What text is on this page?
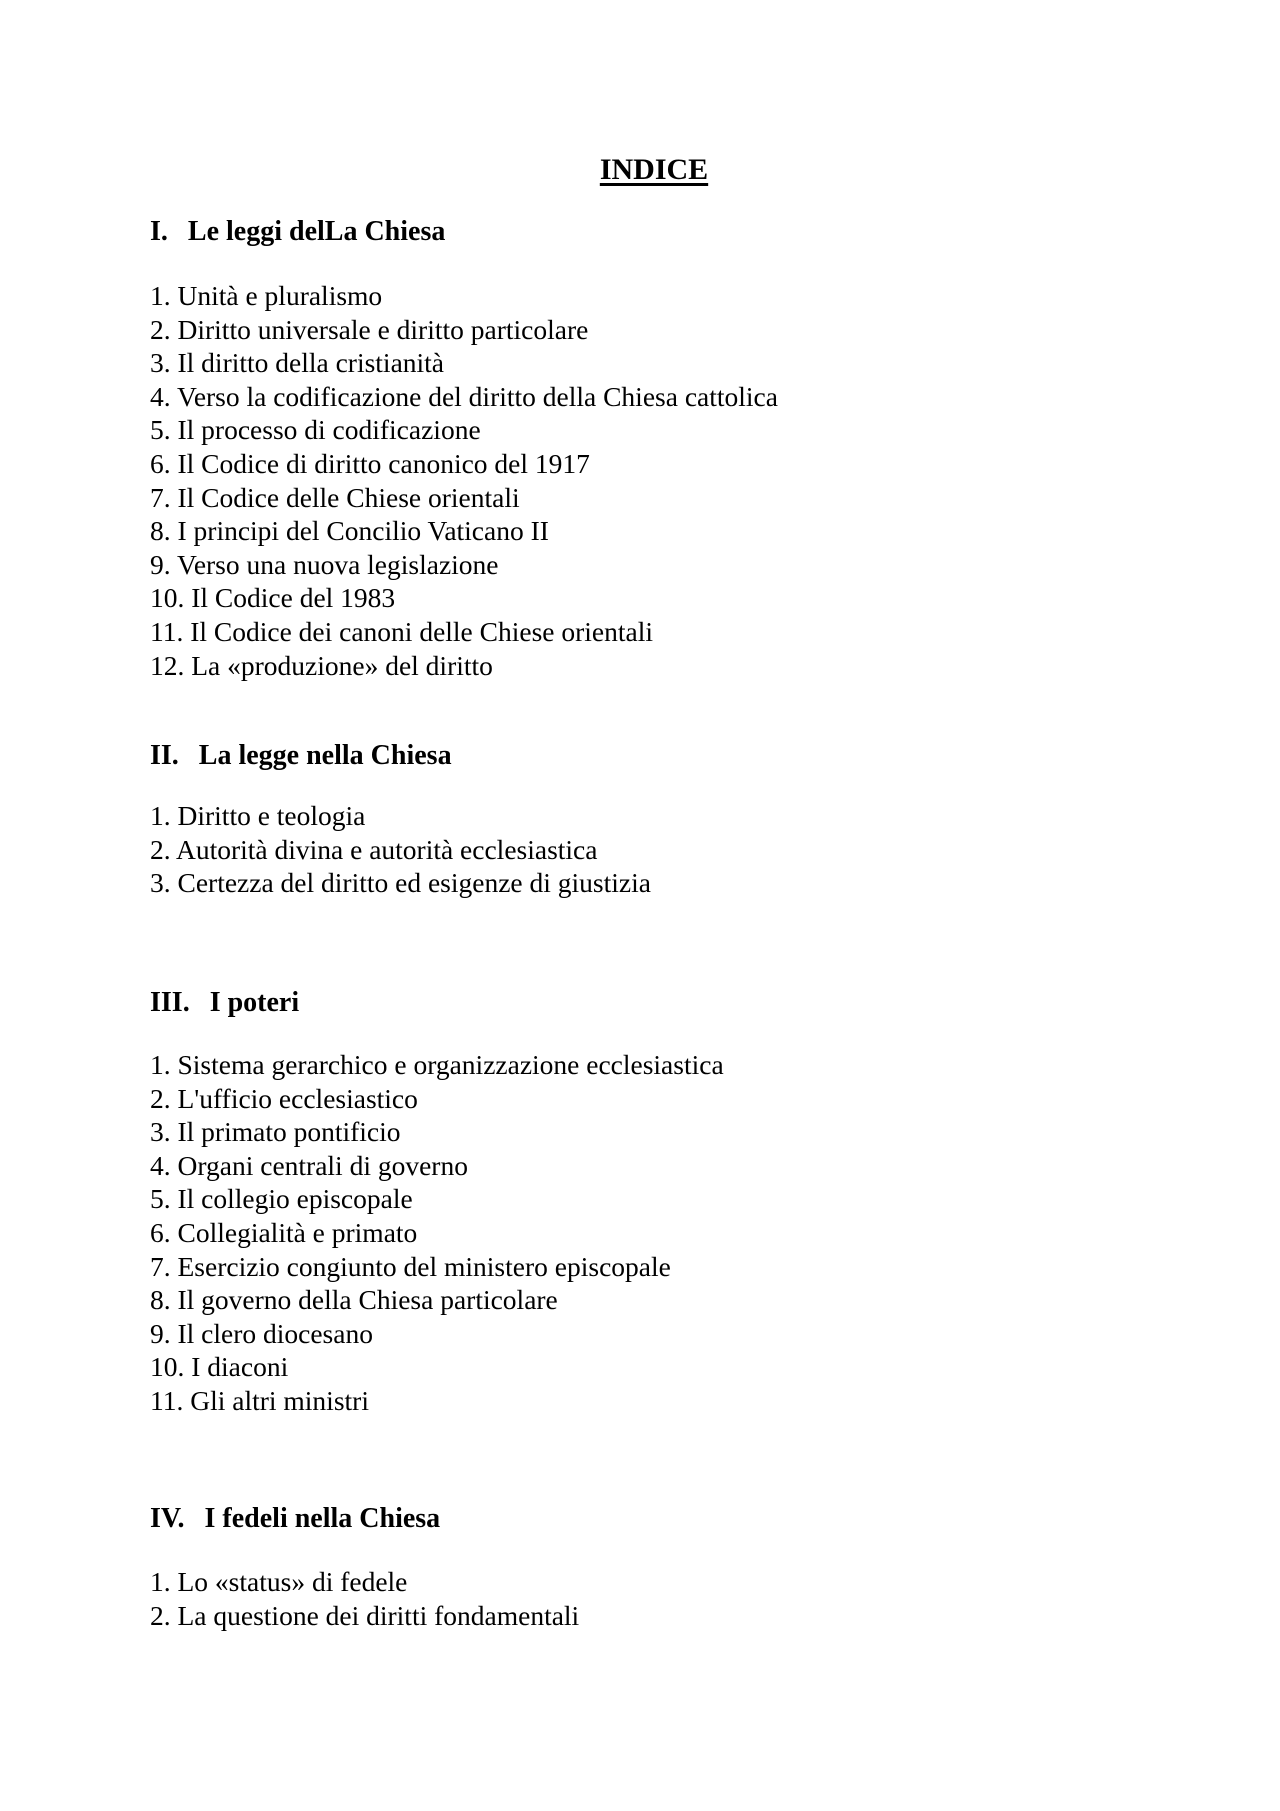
INDICE
I. Le leggi delLa Chiesa
1. Unità e pluralismo
2. Diritto universale e diritto particolare
3. Il diritto della cristianità
4. Verso la codificazione del diritto della Chiesa cattolica
5. Il processo di codificazione
6. Il Codice di diritto canonico del 1917
7. Il Codice delle Chiese orientali
8. I principi del Concilio Vaticano II
9. Verso una nuova legislazione
10. Il Codice del 1983
11. Il Codice dei canoni delle Chiese orientali
12. La «produzione» del diritto
II. La legge nella Chiesa
1. Diritto e teologia
2. Autorità divina e autorità ecclesiastica
3. Certezza del diritto ed esigenze di giustizia
III. I poteri
1. Sistema gerarchico e organizzazione ecclesiastica
2. L'ufficio ecclesiastico
3. Il primato pontificio
4. Organi centrali di governo
5. Il collegio episcopale
6. Collegialità e primato
7. Esercizio congiunto del ministero episcopale
8. Il governo della Chiesa particolare
9. Il clero diocesano
10. I diaconi
11. Gli altri ministri
IV. I fedeli nella Chiesa
1. Lo «status» di fedele
2. La questione dei diritti fondamentali
